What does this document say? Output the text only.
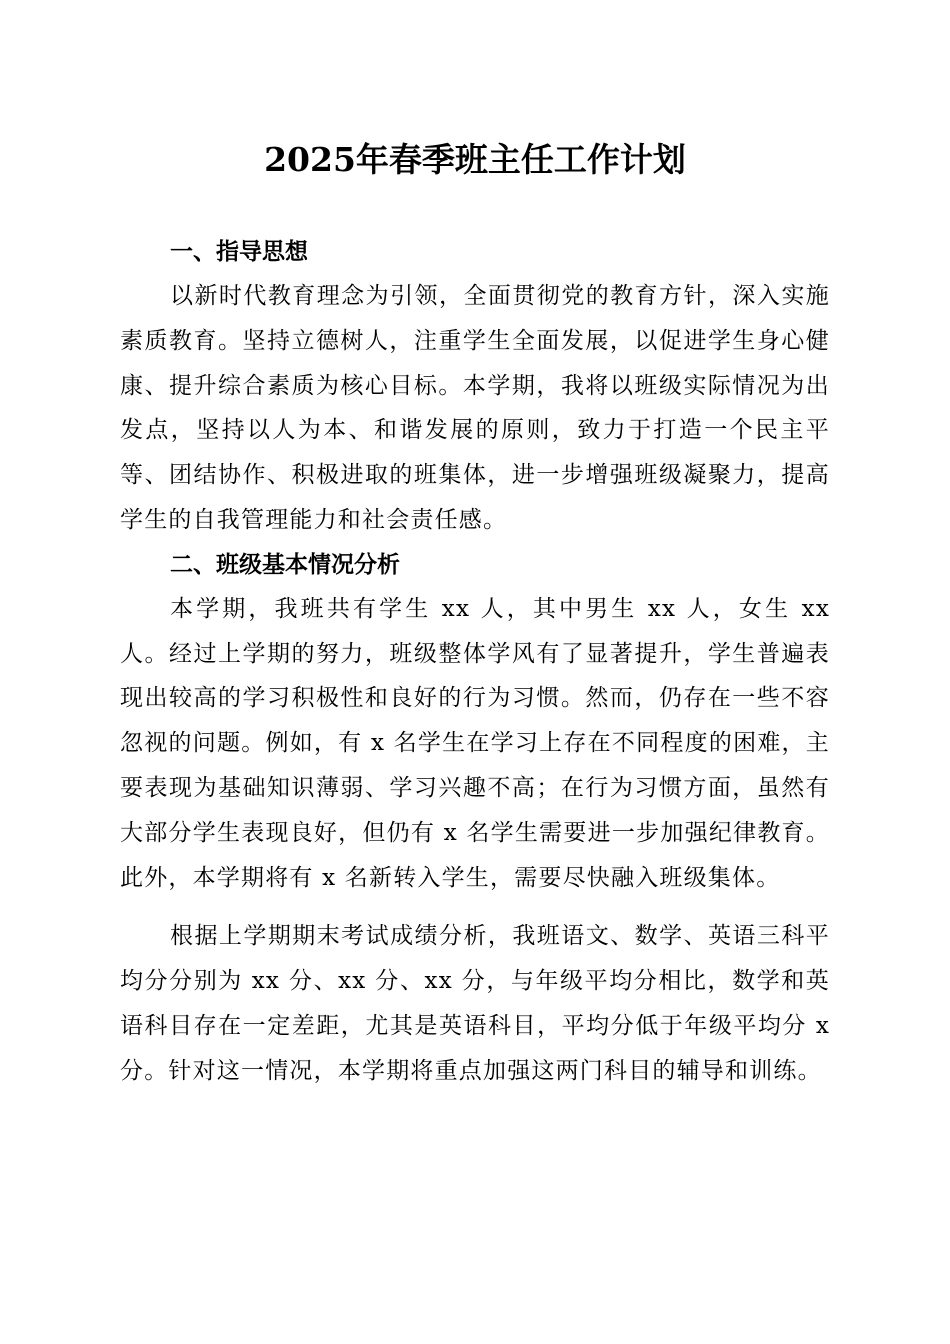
2025年春季班主任工作计划
一、指导思想

以新时代教育理念为引领，全面贯彻党的教育方针，深入实施素质教育。坚持立德树人，注重学生全面发展，以促进学生身心健康、提升综合素质为核心目标。本学期，我将以班级实际情况为出发点，坚持以人为本、和谐发展的原则，致力于打造一个民主平等、团结协作、积极进取的班集体，进一步增强班级凝聚力，提高学生的自我管理能力和社会责任感。

二、班级基本情况分析

本学期，我班共有学生 xx 人，其中男生 xx 人，女生 xx 人。经过上学期的努力，班级整体学风有了显著提升，学生普遍表现出较高的学习积极性和良好的行为习惯。然而，仍存在一些不容忽视的问题。例如，有 x 名学生在学习上存在不同程度的困难，主要表现为基础知识薄弱、学习兴趣不高；在行为习惯方面，虽然有大部分学生表现良好，但仍有 x 名学生需要进一步加强纪律教育。此外，本学期将有 x 名新转入学生，需要尽快融入班级集体。

根据上学期期末考试成绩分析，我班语文、数学、英语三科平均分分别为 xx 分、xx 分、xx 分，与年级平均分相比，数学和英语科目存在一定差距，尤其是英语科目，平均分低于年级平均分 x 分。针对这一情况，本学期将重点加强这两门科目的辅导和训练。
